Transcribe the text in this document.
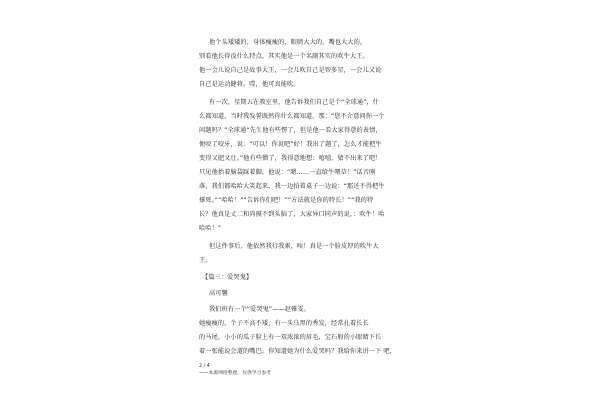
他个头矮矮的，身体瘦瘦的，眼睛大大的，嘴也大大的，
别看他长得没什么特点，其实他是一个名副其实的吹牛大王。
他一会儿说自己是故事大王，一会儿吹自己是智多星，一会儿又说
自己是运动健将。哎，他可真能吹。
有一次，星期五在教室里，他告诉我们自己是个“全球通”，什
么都知道，当时我发誓既然你什么都知道，那：“您不介意问你一个
问题吗？”全球通“先生他有些愣了，但是他一看大家得意的表情，
便咬了咬牙，说：“可以！你说吧”好！我出了题了，怎么才能把牛
变得又肥又壮。”他有些懵了，我得意地想：嘻嘻，猜不出来了吧！
只见他抬着脑袋踩着脚，他说：“嗯……一直给牛喂草！”话音刚
落，我们都哈哈大笑起来，我一边拍着桌子一边说：“那还不得把牛
撑死。”“哈哈！”“告诉你们吧！”“方法就是你的特长！”“我的特
长？他真是丈二和尚摸不到头脑了，大家异口同声的说，：吹牛！哈
哈哈！”
但这件事后，他依然我行我素，唉！真是一个脸皮厚的吹牛大
王。
【篇三：爱哭鬼】
高可馨
我们班有一个“爱哭鬼”——赵雅雯。
她瘦瘦的，个子不高不矮，有一头乌黑的秀发，经常扎着长长
的马尾，小小的瓜子脸上有一双浓浓的眉毛，宝石般的小眼睛下长
着一张能说会道的嘴巴，你知道她为什么爱哭吗？我给你来讲一下 吧，
2 / 4
——本源网络整理，仅供学习参考
